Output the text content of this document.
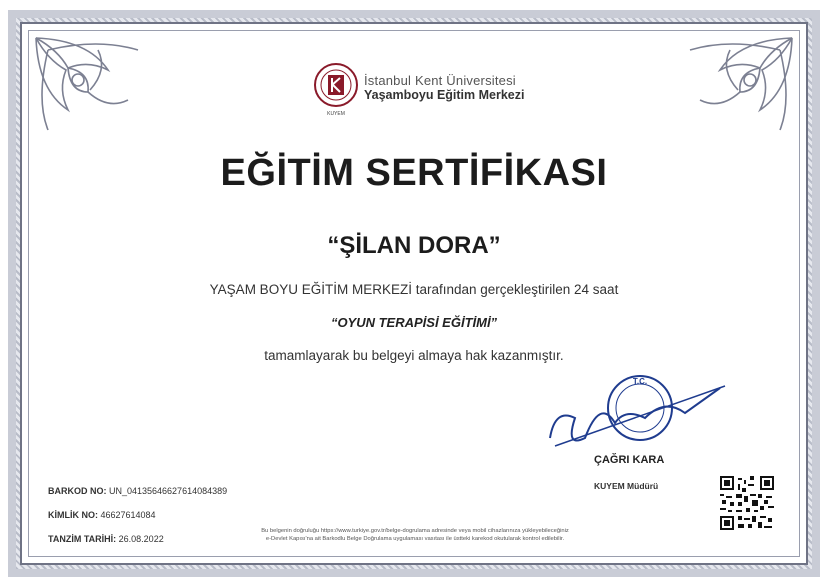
KUYEM
İstanbul Kent Üniversitesi
Yaşamboyu Eğitim Merkezi
EĞİTİM SERTİFİKASI
“ŞİLAN DORA”
YAŞAM BOYU EĞİTİM MERKEZİ tarafından gerçekleştirilen 24 saat
“OYUN TERAPİSİ EĞİTİMİ”
tamamlayarak bu belgeyi almaya hak kazanmıştır.
T.C.
ÇAĞRI KARA
KUYEM Müdürü
BARKOD NO: UN_04135646627614084389
KİMLİK NO: 46627614084
TANZİM TARİHİ: 26.08.2022
Bu belgenin doğruluğu https://www.turkiye.gov.tr/belge-dogrulama adresinde veya mobil cihazlarınıza yükleyebileceğiniz
e-Devlet Kapısı'na ait Barkodlu Belge Doğrulama uygulaması vasıtası ile üstteki karekod okutularak kontrol edilebilir.
